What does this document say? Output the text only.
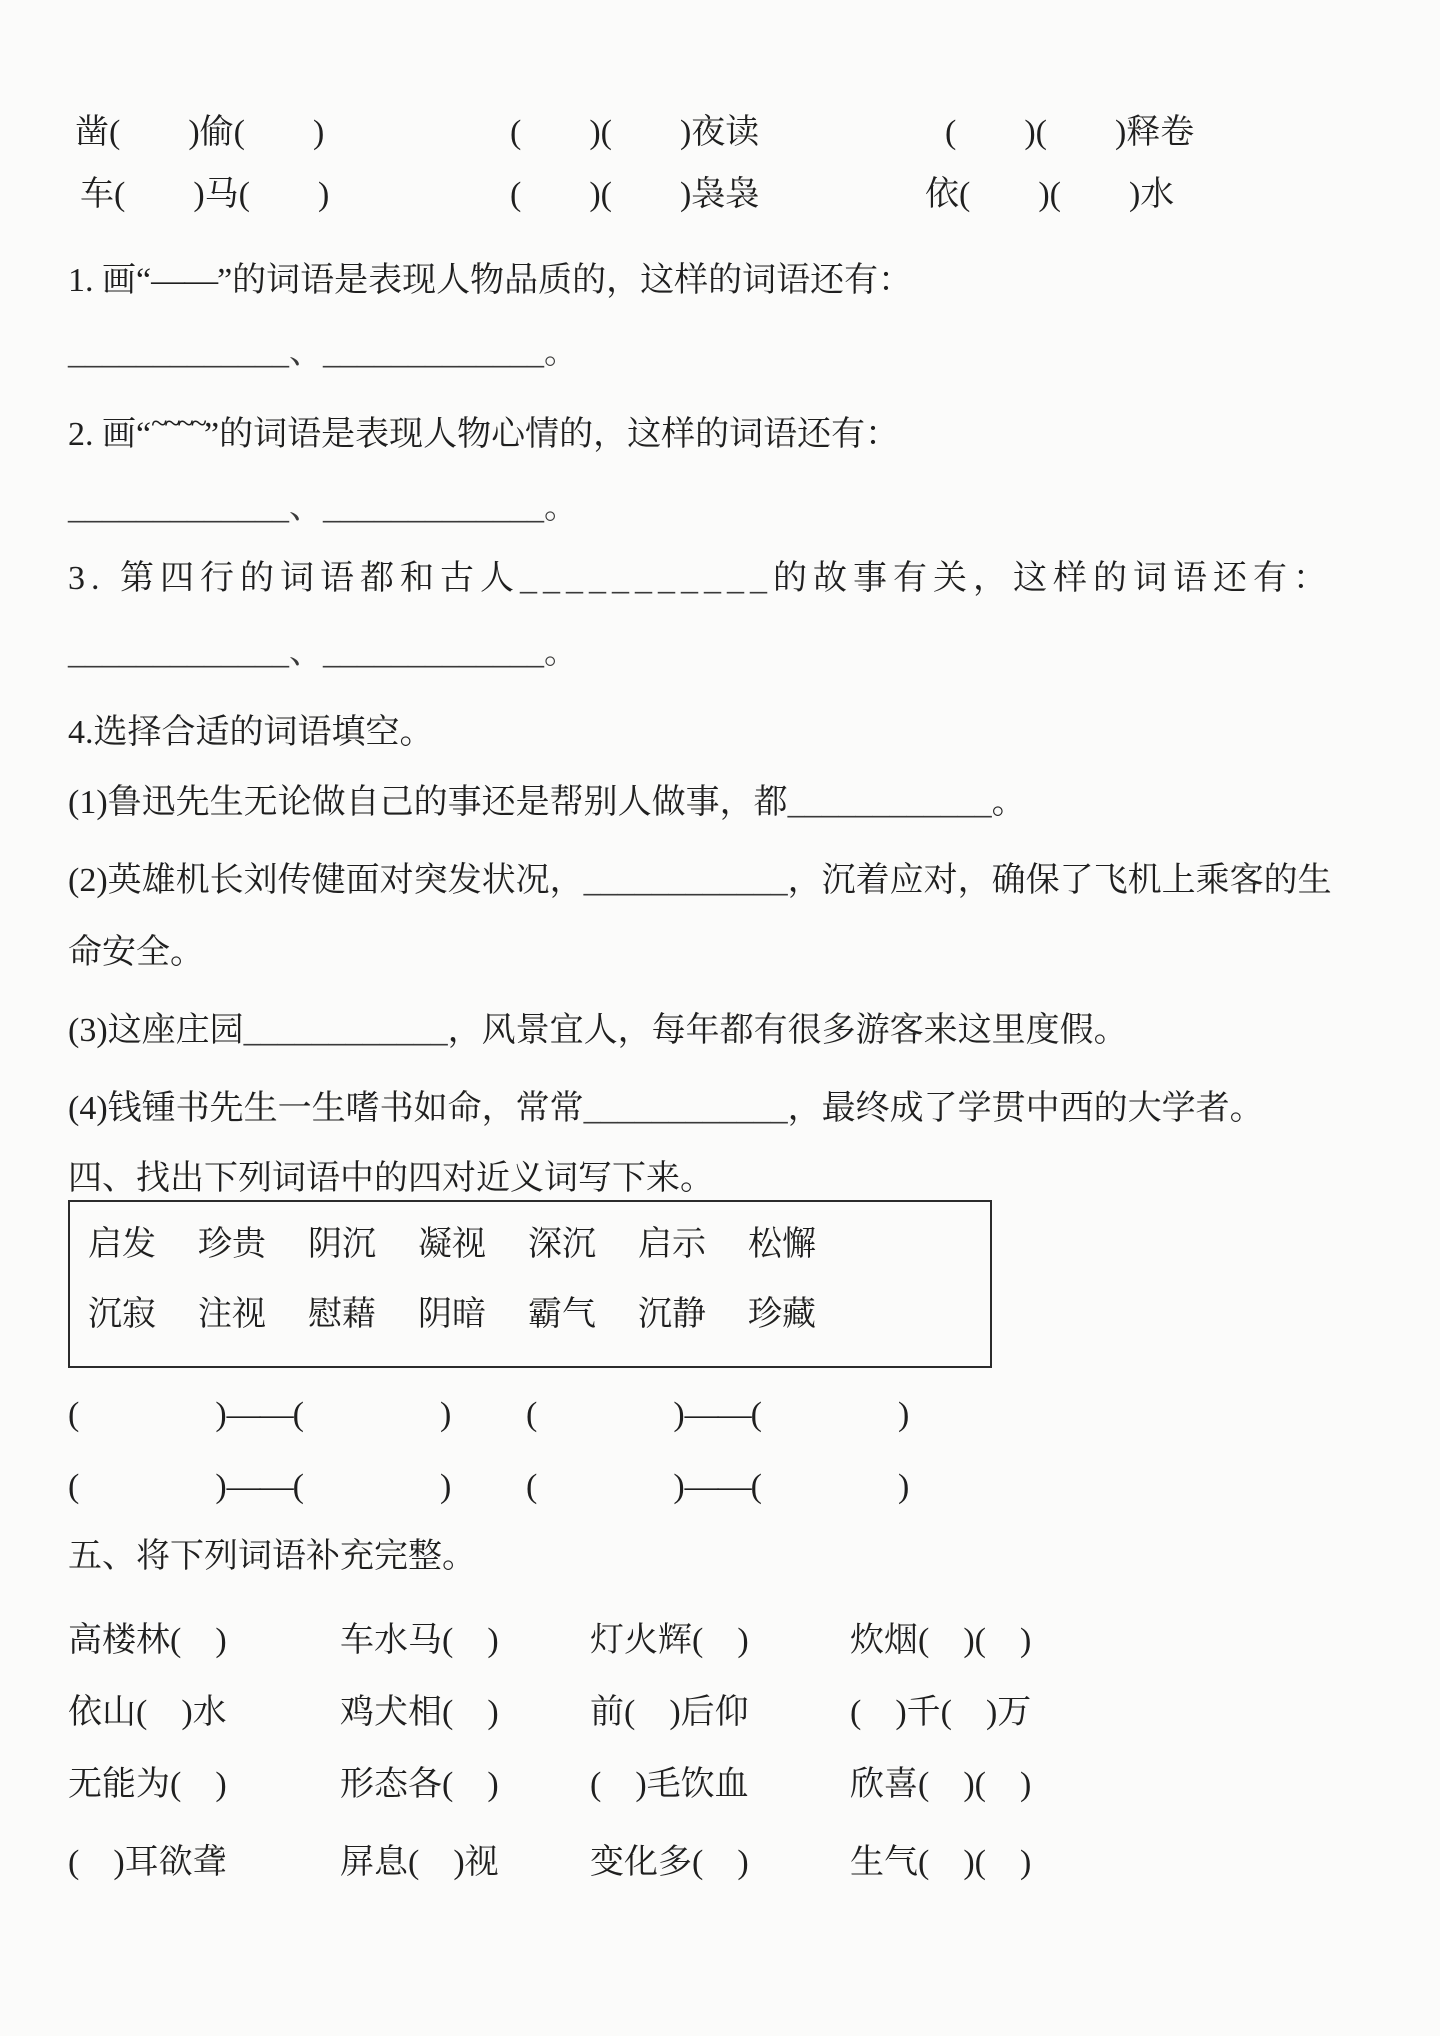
凿(　　)偷(　　)	(　　)(　　)夜读	(　　)(　　)释卷
车(　　)马(　　)	(　　)(　　)袅袅	依(　　)(　　)水
1. 画“——”的词语是表现人物品质的，这样的词语还有：
_____________、_____________。
2. 画“~~~~”的词语是表现人物心情的，这样的词语还有：
_____________、_____________。
3. 第四行的词语都和古人___________的故事有关，这样的词语还有：
_____________、_____________。
4.选择合适的词语填空。
(1)鲁迅先生无论做自己的事还是帮别人做事，都____________。
(2)英雄机长刘传健面对突发状况，____________，沉着应对，确保了飞机上乘客的生
命安全。
(3)这座庄园____________，风景宜人，每年都有很多游客来这里度假。
(4)钱锺书先生一生嗜书如命，常常____________，最终成了学贯中西的大学者。
四、找出下列词语中的四对近义词写下来。
启发 珍贵 阴沉 凝视 深沉 启示 松懈
沉寂 注视 慰藉 阴暗 霸气 沉静 珍藏
(　　　　)——(　　　　) (　　　　)——(　　　　)
(　　　　)——(　　　　) (　　　　)——(　　　　)
五、将下列词语补充完整。
高楼林(　)	车水马(　)	灯火辉(　)	炊烟(　)(　)
依山(　)水	鸡犬相(　)	前(　)后仰	(　)千(　)万
无能为(　)	形态各(　)	(　)毛饮血	欣喜(　)(　)
(　)耳欲聋	屏息(　)视	变化多(　)	生气(　)(　)
